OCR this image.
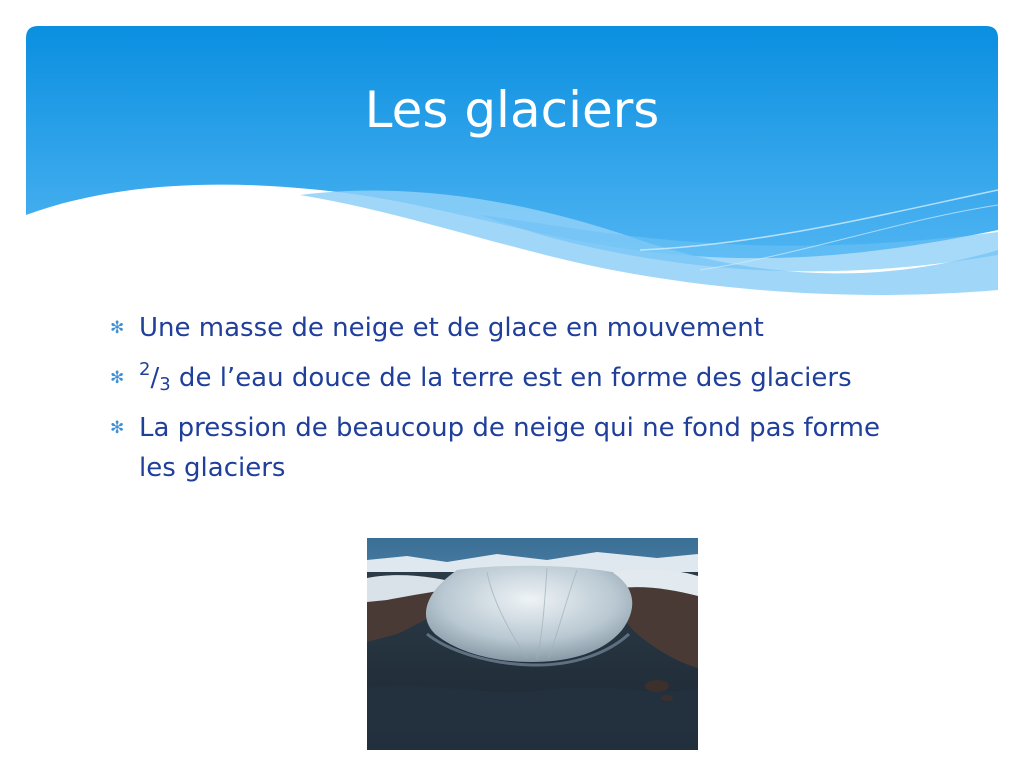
Les glaciers
✻ Une masse de neige et de glace en mouvement
✻ $^2/_3$ de l’eau douce de la terre est en forme des glaciers
✻ La pression de beaucoup de neige qui ne fond pas forme les glaciers
